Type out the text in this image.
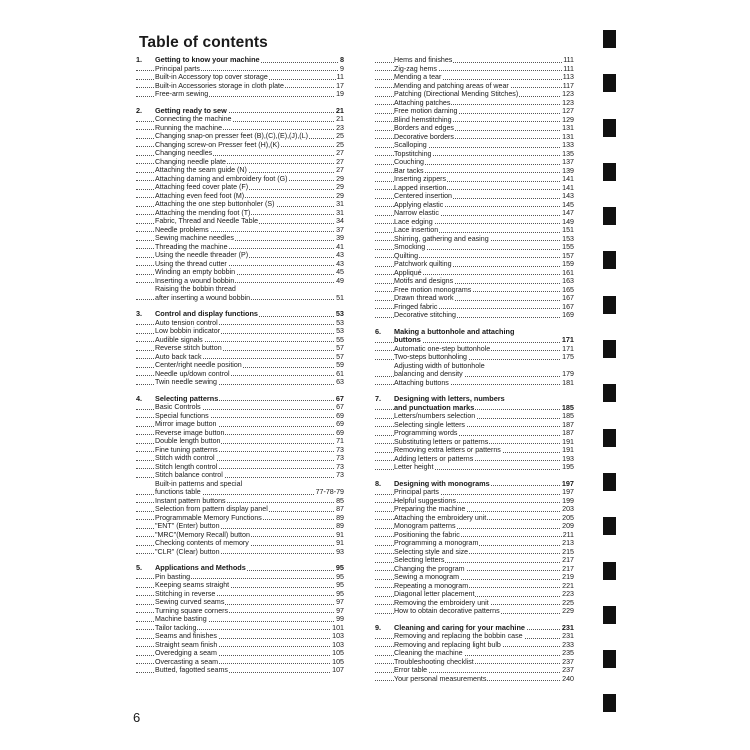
Table of contents
1. Getting to know your machine	8
Principal parts	9
Built-in Accessory top cover storage	11
Built-in Accessories storage in cloth plate	17
Free-arm sewing	19
2. Getting ready to sew	21
Connecting the machine	21
Running the machine	23
Changing snap-on presser feet (B),(C),(E),(J),(L)	25
Changing screw-on Presser feet (H),(K)	25
Changing needles	27
Changing needle plate	27
Attaching the seam guide (N)	27
Attaching darning and embroidery foot (G)	29
Attaching feed cover plate (F)	29
Attaching even feed foot (M)	29
Attaching the one step buttonholer (S)	31
Attaching the mending foot (T)	31
Fabric, Thread and Needle Table	34
Needle problems	37
Sewing machine needles	39
Threading the machine	41
Using the needle threader (P)	43
Using the thread cutter	43
Winding an empty bobbin	45
Inserting a wound bobbin	49
Raising the bobbin thread
after inserting a wound bobbin	51
3. Control and display functions	53
Auto tension control	53
Low bobbin indicator	53
Audible signals	55
Reverse stitch button	57
Auto back tack	57
Center/right needle position	59
Needle up/down control	61
Twin needle sewing	63
4. Selecting patterns	67
Basic Controls	67
Special functions	69
Mirror image button	69
Reverse image button	69
Double length button	71
Fine tuning patterns	73
Stitch width control	73
Stitch length control	73
Stitch balance control	73
Built-in patterns and special
functions table	77-78-79
Instant pattern buttons	85
Selection from pattern display panel	87
Programmable Memory Functions	89
"ENT" (Enter) button	89
"MRC"(Memory Recall) button	91
Checking contents of memory	91
"CLR" (Clear) button	93
5. Applications and Methods	95
Pin basting	95
Keeping seams straight	95
Stitching in reverse	95
Sewing curved seams	97
Turning square corners	97
Machine basting	99
Tailor tacking	101
Seams and finishes	103
Straight seam finish	103
Overedging a seam	105
Overcasting a seam	105
Butted, fagotted seams	107
Hems and finishes	111
Zig-zag hems	111
Mending a tear	113
Mending and patching areas of wear	117
Patching (Directional Mending Stitches)	123
Attaching patches	123
Free motion darning	127
Blind hemstitching	129
Borders and edges	131
Decorative borders	131
Scalloping	133
Topstitching	135
Couching	137
Bar tacks	139
Inserting zippers	141
Lapped insertion	141
Centered insertion	143
Applying elastic	145
Narrow elastic	147
Lace edging	149
Lace insertion	151
Shirring, gathering and easing	153
Smocking	155
Quilting	157
Patchwork quilting	159
Appliqué	161
Motifs and designs	163
Free motion monograms	165
Drawn thread work	167
Fringed fabric	167
Decorative stitching	169
6. Making a buttonhole and attaching
buttons	171
Automatic one-step buttonhole	171
Two-steps buttonholing	175
Adjusting width of buttonhole
balancing and density	179
Attaching buttons	181
7. Designing with letters, numbers
and punctuation marks	185
Letters/numbers selection	185
Selecting single letters	187
Programming words	187
Substituting letters or patterns	191
Removing extra letters or patterns	191
Adding letters or patterns	193
Letter height	195
8. Designing with monograms	197
Principal parts	197
Helpful suggestions	199
Preparing the machine	203
Attaching the embroidery unit	205
Monogram patterns	209
Positioning the fabric	211
Programming a monogram	213
Selecting style and size	215
Selecting letters	217
Changing the program	217
Sewing a monogram	219
Repeating a monogram	221
Diagonal letter placement	223
Removing the embroidery unit	225
How to obtain decorative patterns	229
9. Cleaning and caring for your machine	231
Removing and replacing the bobbin case	231
Removing and replacing light bulb	233
Cleaning the machine	235
Troubleshooting checklist	237
Error table	237
Your personal measurements	240
6
